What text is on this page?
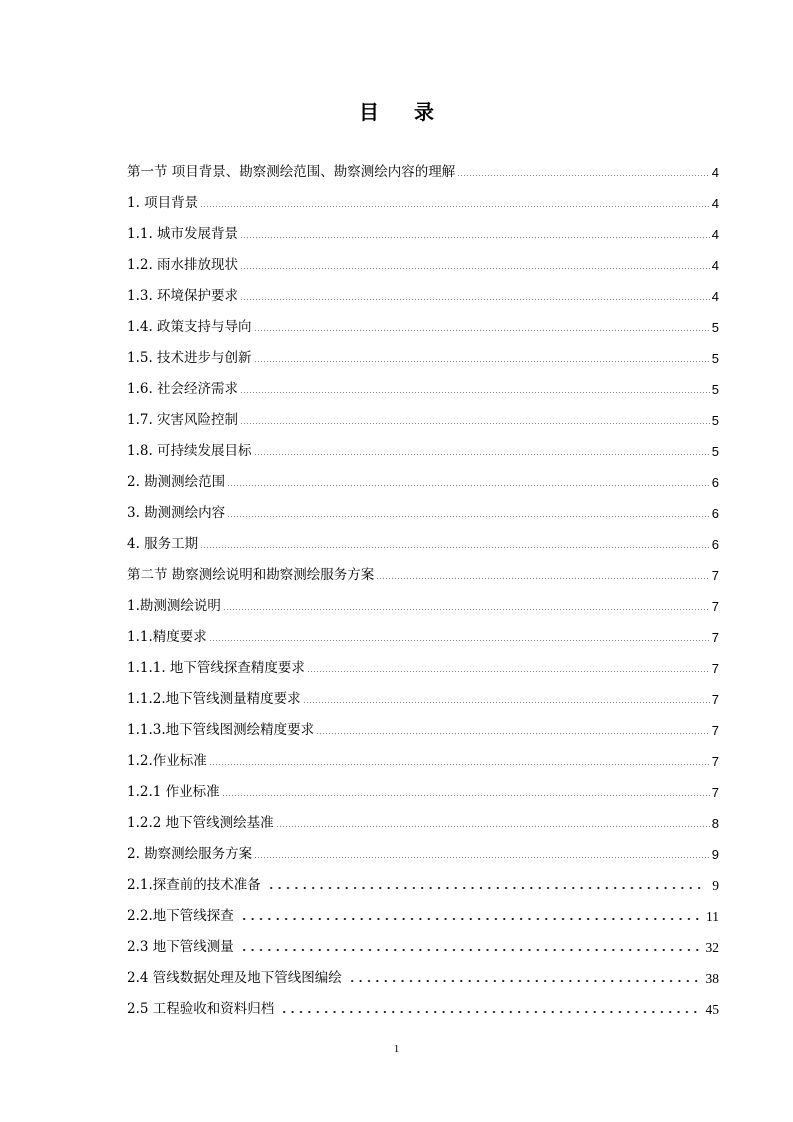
目 录
第一节 项目背景、勘察测绘范围、勘察测绘内容的理解	4
1. 项目背景	4
1.1. 城市发展背景	4
1.2. 雨水排放现状	4
1.3. 环境保护要求	4
1.4. 政策支持与导向	5
1.5. 技术进步与创新	5
1.6. 社会经济需求	5
1.7. 灾害风险控制	5
1.8. 可持续发展目标	5
2. 勘测测绘范围	6
3. 勘测测绘内容	6
4. 服务工期	6
第二节 勘察测绘说明和勘察测绘服务方案	7
1.勘测测绘说明	7
1.1.精度要求	7
1.1.1. 地下管线探查精度要求	7
1.1.2.地下管线测量精度要求	7
1.1.3.地下管线图测绘精度要求	7
1.2.作业标准	7
1.2.1 作业标准	7
1.2.2 地下管线测绘基准	8
2. 勘察测绘服务方案	9
2.1.探查前的技术准备	9
2.2.地下管线探查	11
2.3 地下管线测量	32
2.4 管线数据处理及地下管线图编绘	38
2.5 工程验收和资料归档	45
1
